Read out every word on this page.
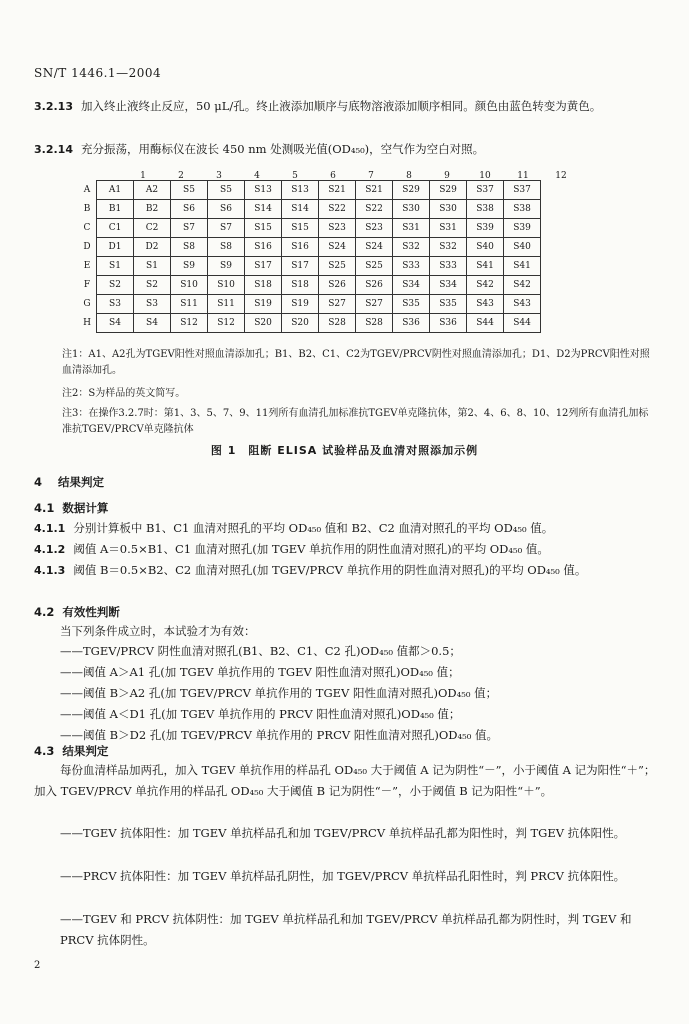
SN/T 1446.1—2004
3.2.13 加入终止液终止反应，50 μL/孔。终止液添加顺序与底物溶液添加顺序相同。颜色由蓝色转变为黄色。
3.2.14 充分振荡，用酶标仪在波长 450 nm 处测吸光值(OD₄₅₀)，空气作为空白对照。
1	2	3	4	5	6	7	8	9	10	11	12
A	A1	A2	S5	S5	S13	S13	S21	S21	S29	S29	S37	S37
B	B1	B2	S6	S6	S14	S14	S22	S22	S30	S30	S38	S38
C	C1	C2	S7	S7	S15	S15	S23	S23	S31	S31	S39	S39
D	D1	D2	S8	S8	S16	S16	S24	S24	S32	S32	S40	S40
E	S1	S1	S9	S9	S17	S17	S25	S25	S33	S33	S41	S41
F	S2	S2	S10	S10	S18	S18	S26	S26	S34	S34	S42	S42
G	S3	S3	S11	S11	S19	S19	S27	S27	S35	S35	S43	S43
H	S4	S4	S12	S12	S20	S20	S28	S28	S36	S36	S44	S44
注1：A1、A2孔为TGEV阳性对照血清添加孔；B1、B2、C1、C2为TGEV/PRCV阴性对照血清添加孔；D1、D2为PRCV阳性对照血清添加孔。
注2：S为样品的英文简写。
注3：在操作3.2.7时：第1、3、5、7、9、11列所有血清孔加标准抗TGEV单克隆抗体，第2、4、6、8、10、12列所有血清孔加标准抗TGEV/PRCV单克隆抗体
图 1　阻断 ELISA 试验样品及血清对照添加示例
4 结果判定
4.1 数据计算
4.1.1 分别计算板中 B1、C1 血清对照孔的平均 OD₄₅₀ 值和 B2、C2 血清对照孔的平均 OD₄₅₀ 值。
4.1.2 阈值 A＝0.5×B1、C1 血清对照孔(加 TGEV 单抗作用的阴性血清对照孔)的平均 OD₄₅₀ 值。
4.1.3 阈值 B＝0.5×B2、C2 血清对照孔(加 TGEV/PRCV 单抗作用的阴性血清对照孔)的平均 OD₄₅₀ 值。
4.2 有效性判断
当下列条件成立时，本试验才为有效：
——TGEV/PRCV 阴性血清对照孔(B1、B2、C1、C2 孔)OD₄₅₀ 值都＞0.5；
——阈值 A＞A1 孔(加 TGEV 单抗作用的 TGEV 阳性血清对照孔)OD₄₅₀ 值；
——阈值 B＞A2 孔(加 TGEV/PRCV 单抗作用的 TGEV 阳性血清对照孔)OD₄₅₀ 值；
——阈值 A＜D1 孔(加 TGEV 单抗作用的 PRCV 阳性血清对照孔)OD₄₅₀ 值；
——阈值 B＞D2 孔(加 TGEV/PRCV 单抗作用的 PRCV 阳性血清对照孔)OD₄₅₀ 值。
4.3 结果判定
每份血清样品加两孔，加入 TGEV 单抗作用的样品孔 OD₄₅₀ 大于阈值 A 记为阴性“－”，小于阈值 A 记为阳性“＋”；加入 TGEV/PRCV 单抗作用的样品孔 OD₄₅₀ 大于阈值 B 记为阴性“－”，小于阈值 B 记为阳性“＋”。
——TGEV 抗体阳性：加 TGEV 单抗样品孔和加 TGEV/PRCV 单抗样品孔都为阳性时，判 TGEV 抗体阳性。
——PRCV 抗体阳性：加 TGEV 单抗样品孔阴性，加 TGEV/PRCV 单抗样品孔阳性时，判 PRCV 抗体阳性。
——TGEV 和 PRCV 抗体阴性：加 TGEV 单抗样品孔和加 TGEV/PRCV 单抗样品孔都为阴性时，判 TGEV 和 PRCV 抗体阴性。
2
